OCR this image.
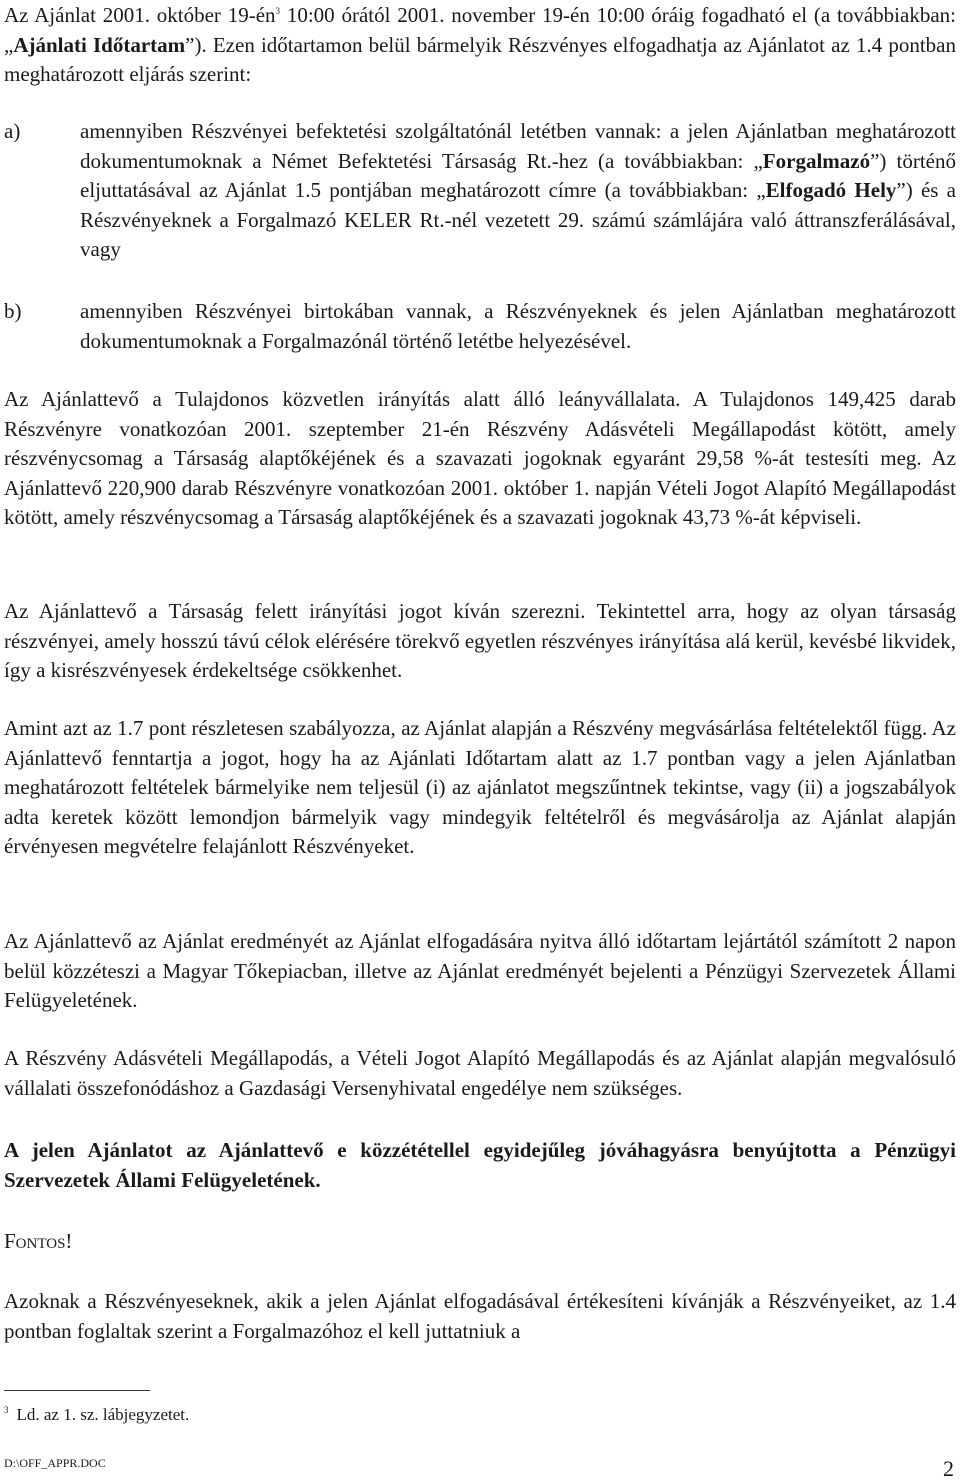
Az Ajánlat 2001. október 19-én$^3$ 10:00 órától 2001. november 19-én 10:00 óráig fogadható el (a továbbiakban: „Ajánlati Időtartam”). Ezen időtartamon belül bármelyik Részvényes elfogadhatja az Ajánlatot az 1.4 pontban meghatározott eljárás szerint:

a)	amennyiben Részvényei befektetési szolgáltatónál letétben vannak: a jelen Ajánlatban meghatározott dokumentumoknak a Német Befektetési Társaság Rt.-hez (a továbbiakban: „Forgalmazó”) történő eljuttatásával az Ajánlat 1.5 pontjában meghatározott címre (a továbbiakban: „Elfogadó Hely”) és a Részvényeknek a Forgalmazó KELER Rt.-nél vezetett 29. számú számlájára való áttranszferálásával, vagy
b)	amennyiben Részvényei birtokában vannak, a Részvényeknek és jelen Ajánlatban meghatározott dokumentumoknak a Forgalmazónál történő letétbe helyezésével.

Az Ajánlattevő a Tulajdonos közvetlen irányítás alatt álló leányvállalata. A Tulajdonos 149,425 darab Részvényre vonatkozóan 2001. szeptember 21-én Részvény Adásvételi Megállapodást kötött, amely részvénycsomag a Társaság alaptőkéjének és a szavazati jogoknak egyaránt 29,58 %-át testesíti meg. Az Ajánlattevő 220,900 darab Részvényre vonatkozóan 2001. október 1. napján Vételi Jogot Alapító Megállapodást kötött, amely részvénycsomag a Társaság alaptőkéjének és a szavazati jogoknak 43,73 %-át képviseli.

Az Ajánlattevő a Társaság felett irányítási jogot kíván szerezni. Tekintettel arra, hogy az olyan társaság részvényei, amely hosszú távú célok elérésére törekvő egyetlen részvényes irányítása alá kerül, kevésbé likvidek, így a kisrészvényesek érdekeltsége csökkenhet.

Amint azt az 1.7 pont részletesen szabályozza, az Ajánlat alapján a Részvény megvásárlása feltételektől függ. Az Ajánlattevő fenntartja a jogot, hogy ha az Ajánlati Időtartam alatt az 1.7 pontban vagy a jelen Ajánlatban meghatározott feltételek bármelyike nem teljesül (i) az ajánlatot megszűntnek tekintse, vagy (ii) a jogszabályok adta keretek között lemondjon bármelyik vagy mindegyik feltételről és megvásárolja az Ajánlat alapján érvényesen megvételre felajánlott Részvényeket.

Az Ajánlattevő az Ajánlat eredményét az Ajánlat elfogadására nyitva álló időtartam lejártától számított 2 napon belül közzéteszi a Magyar Tőkepiacban, illetve az Ajánlat eredményét bejelenti a Pénzügyi Szervezetek Állami Felügyeletének.

A Részvény Adásvételi Megállapodás, a Vételi Jogot Alapító Megállapodás és az Ajánlat alapján megvalósuló vállalati összefonódáshoz a Gazdasági Versenyhivatal engedélye nem szükséges.

A jelen Ajánlatot az Ajánlattevő e közzététellel egyidejűleg jóváhagyásra benyújtotta a Pénzügyi Szervezetek Állami Felügyeletének.

Fontos!

Azoknak a Részvényeseknek, akik a jelen Ajánlat elfogadásával értékesíteni kívánják a Részvényeiket, az 1.4 pontban foglaltak szerint a Forgalmazóhoz el kell juttatniuk a

$^3$ Ld. az 1. sz. lábjegyzetet.
D:\OFF_APPR.DOC	2
